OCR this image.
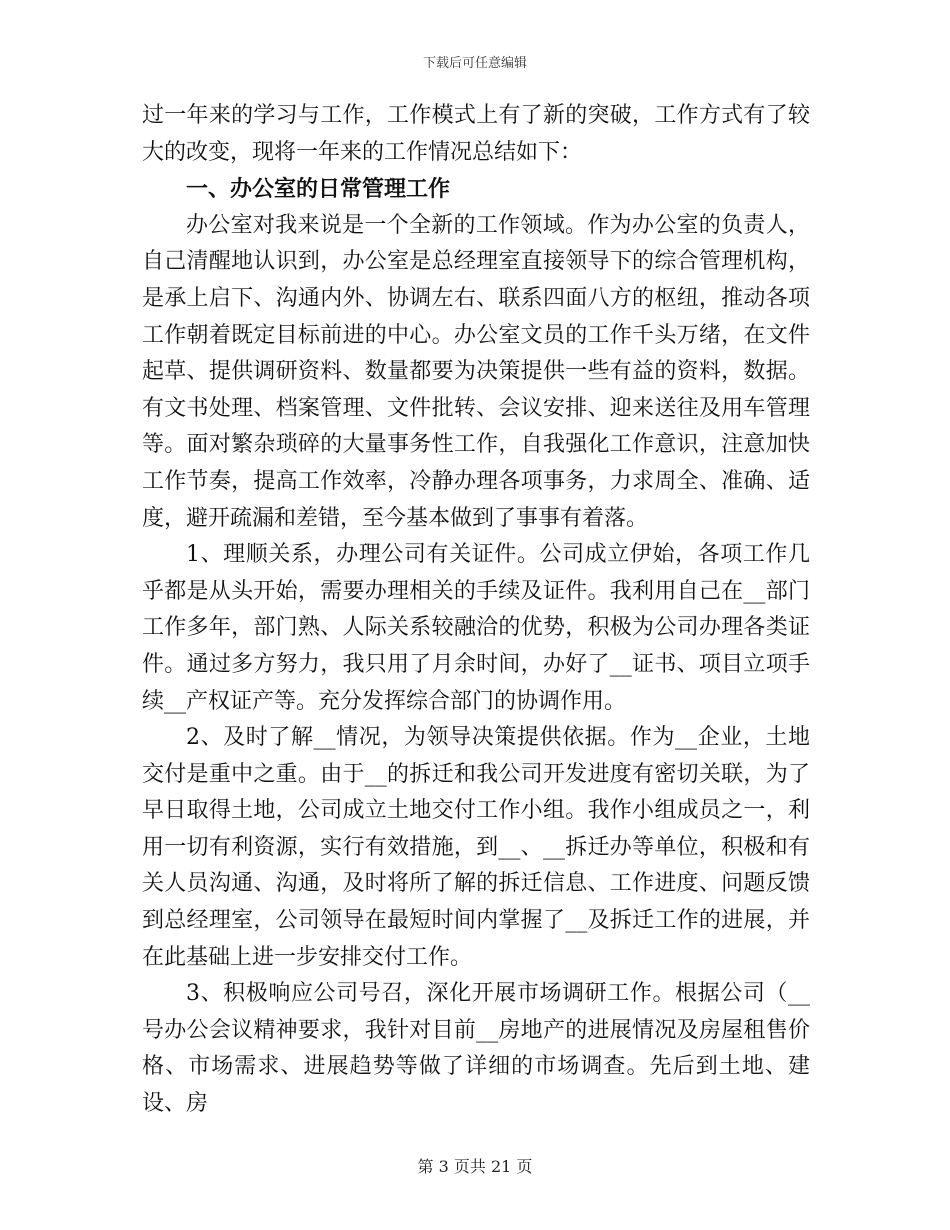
下载后可任意编辑

过一年来的学习与工作，工作模式上有了新的突破，工作方式有了较大的改变，现将一年来的工作情况总结如下：

一、办公室的日常管理工作

办公室对我来说是一个全新的工作领域。作为办公室的负责人，自己清醒地认识到，办公室是总经理室直接领导下的综合管理机构，是承上启下、沟通内外、协调左右、联系四面八方的枢纽，推动各项工作朝着既定目标前进的中心。办公室文员的工作千头万绪，在文件起草、提供调研资料、数量都要为决策提供一些有益的资料，数据。有文书处理、档案管理、文件批转、会议安排、迎来送往及用车管理等。面对繁杂琐碎的大量事务性工作，自我强化工作意识，注意加快工作节奏，提高工作效率，冷静办理各项事务，力求周全、准确、适度，避开疏漏和差错，至今基本做到了事事有着落。

1、理顺关系，办理公司有关证件。公司成立伊始，各项工作几乎都是从头开始，需要办理相关的手续及证件。我利用自己在__部门工作多年，部门熟、人际关系较融洽的优势，积极为公司办理各类证件。通过多方努力，我只用了月余时间，办好了__证书、项目立项手续__产权证产等。充分发挥综合部门的协调作用。

2、及时了解__情况，为领导决策提供依据。作为__企业，土地交付是重中之重。由于__的拆迁和我公司开发进度有密切关联，为了早日取得土地，公司成立土地交付工作小组。我作小组成员之一，利用一切有利资源，实行有效措施，到__、__拆迁办等单位，积极和有关人员沟通、沟通，及时将所了解的拆迁信息、工作进度、问题反馈到总经理室，公司领导在最短时间内掌握了__及拆迁工作的进展，并在此基础上进一步安排交付工作。

3、积极响应公司号召，深化开展市场调研工作。根据公司（__号办公会议精神要求，我针对目前__房地产的进展情况及房屋租售价格、市场需求、进展趋势等做了详细的市场调查。先后到土地、建设、房

第 3 页共 21 页
